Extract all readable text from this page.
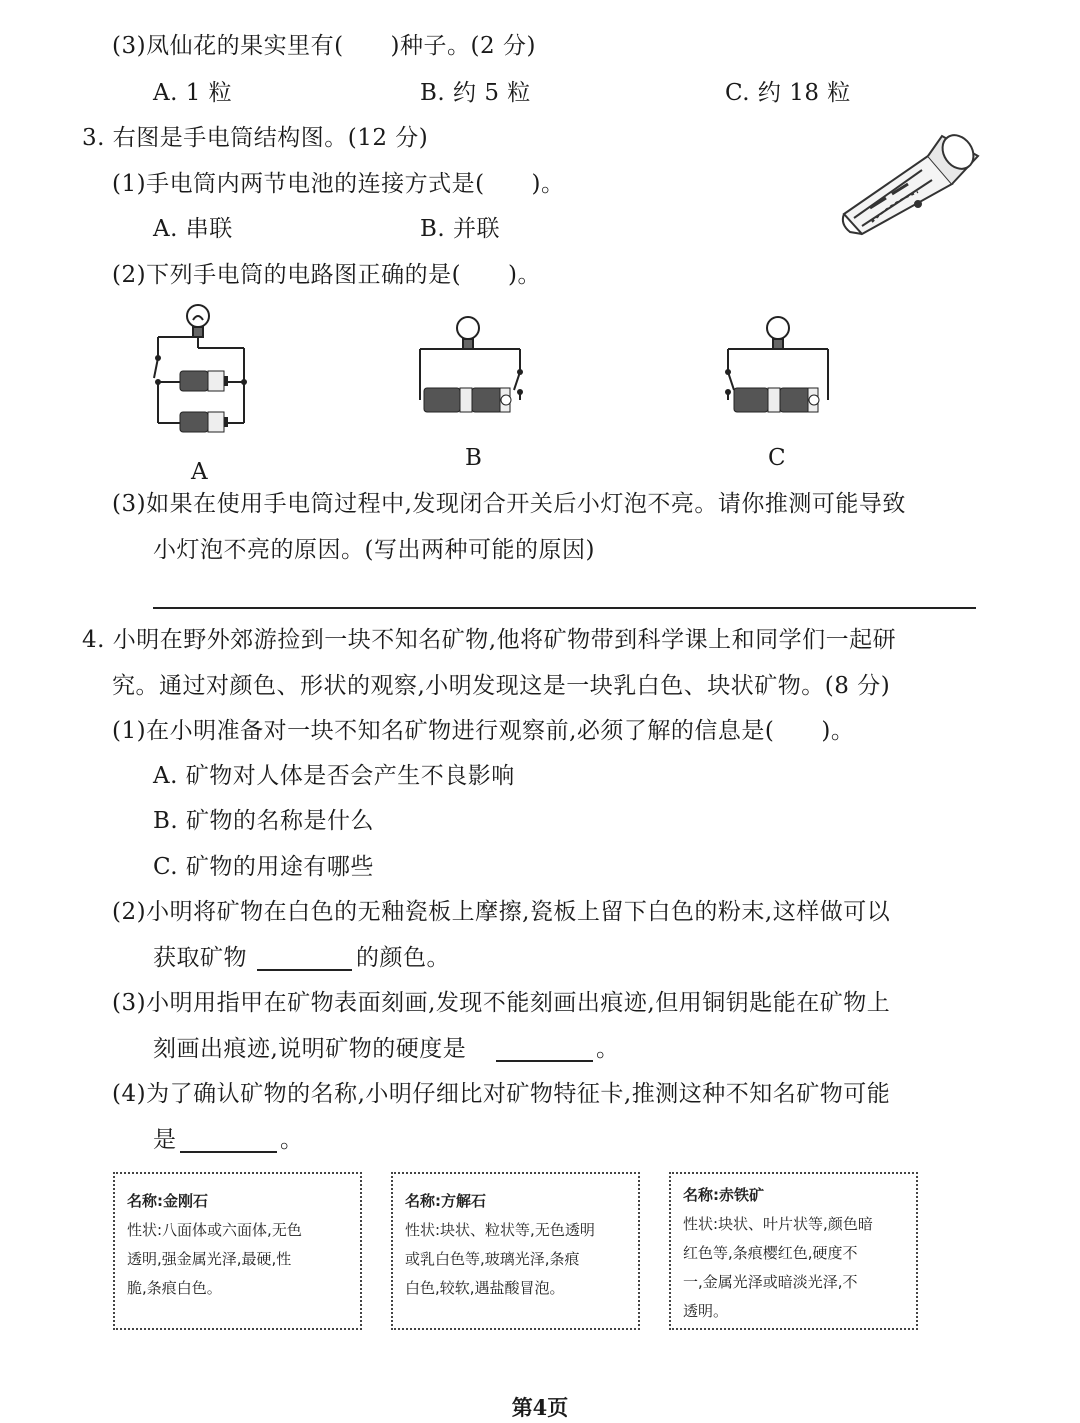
(3)凤仙花的果实里有(　　)种子。(2 分)
A. 1 粒	B. 约 5 粒	C. 约 18 粒
3. 右图是手电筒结构图。(12 分)
(1)手电筒内两节电池的连接方式是(　　)。
A. 串联	B. 并联
(2)下列手电筒的电路图正确的是(　　)。
A
B	C
(3)如果在使用手电筒过程中,发现闭合开关后小灯泡不亮。请你推测可能导致
小灯泡不亮的原因。(写出两种可能的原因)
4. 小明在野外郊游捡到一块不知名矿物,他将矿物带到科学课上和同学们一起研
究。通过对颜色、形状的观察,小明发现这是一块乳白色、块状矿物。(8 分)
(1)在小明准备对一块不知名矿物进行观察前,必须了解的信息是(　　)。
A. 矿物对人体是否会产生不良影响
B. 矿物的名称是什么
C. 矿物的用途有哪些
(2)小明将矿物在白色的无釉瓷板上摩擦,瓷板上留下白色的粉末,这样做可以
获取矿物	的颜色。
(3)小明用指甲在矿物表面刻画,发现不能刻画出痕迹,但用铜钥匙能在矿物上
刻画出痕迹,说明矿物的硬度是	。
(4)为了确认矿物的名称,小明仔细比对矿物特征卡,推测这种不知名矿物可能
是	。
名称:金刚石
性状:八面体或六面体,无色
透明,强金属光泽,最硬,性
脆,条痕白色。
名称:方解石
性状:块状、粒状等,无色透明
或乳白色等,玻璃光泽,条痕
白色,较软,遇盐酸冒泡。
名称:赤铁矿
性状:块状、叶片状等,颜色暗
红色等,条痕樱红色,硬度不
一,金属光泽或暗淡光泽,不
透明。
第4页
